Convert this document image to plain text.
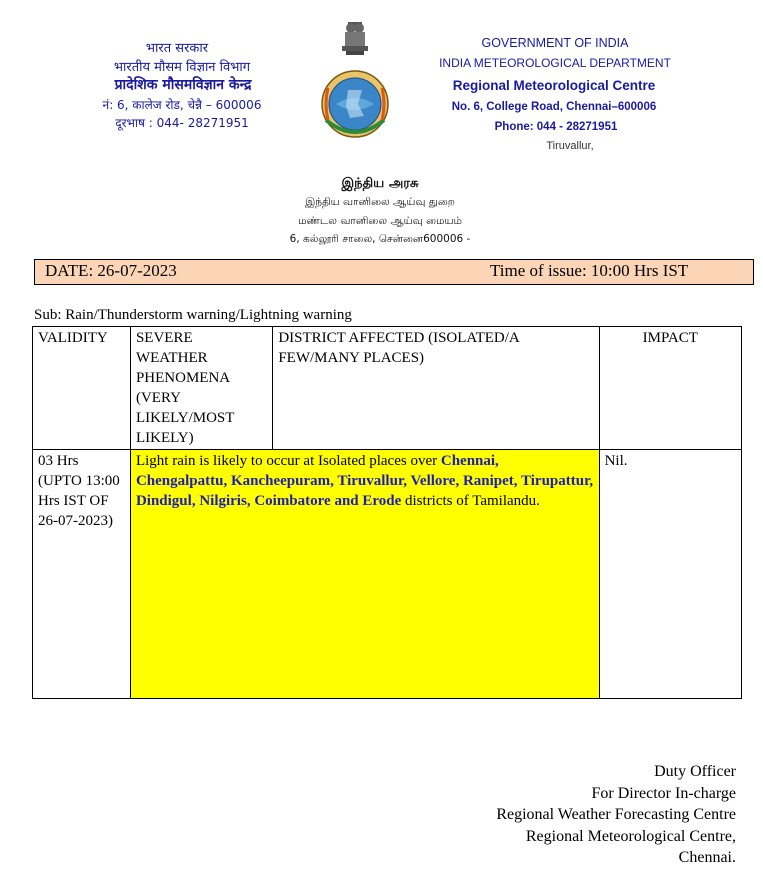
भारत सरकार
भारतीय मौसम विज्ञान विभाग
प्रादेशिक मौसमविज्ञान केन्द्र
नं: 6, कालेज रोड, चेन्नै – 600006
दूरभाष : 044- 28271951
GOVERNMENT OF INDIA
INDIA METEOROLOGICAL DEPARTMENT
Regional Meteorological Centre
No. 6, College Road, Chennai–600006
Phone: 044 - 28271951
Tiruvallur,
இந்திய அரசு
இந்திய வானிலை ஆய்வு துறை
மண்டல வானிலை ஆய்வு மையம்
6, கல்லூரி சாலை, சென்னை600006 -
DATE: 26-07-2023	Time of issue: 10:00 Hrs IST
Sub: Rain/Thunderstorm warning/Lightning warning
VALIDITY	SEVERE WEATHER PHENOMENA (VERY LIKELY/MOST LIKELY)	DISTRICT AFFECTED (ISOLATED/A FEW/MANY PLACES)	IMPACT
03 Hrs (UPTO 13:00 Hrs IST OF 26-07-2023)	Light rain is likely to occur at Isolated places over Chennai, Chengalpattu, Kancheepuram, Tiruvallur, Vellore, Ranipet, Tirupattur, Dindigul, Nilgiris, Coimbatore and Erode districts of Tamilandu.		Nil.
Duty Officer
For Director In-charge
Regional Weather Forecasting Centre
Regional Meteorological Centre,
Chennai.
